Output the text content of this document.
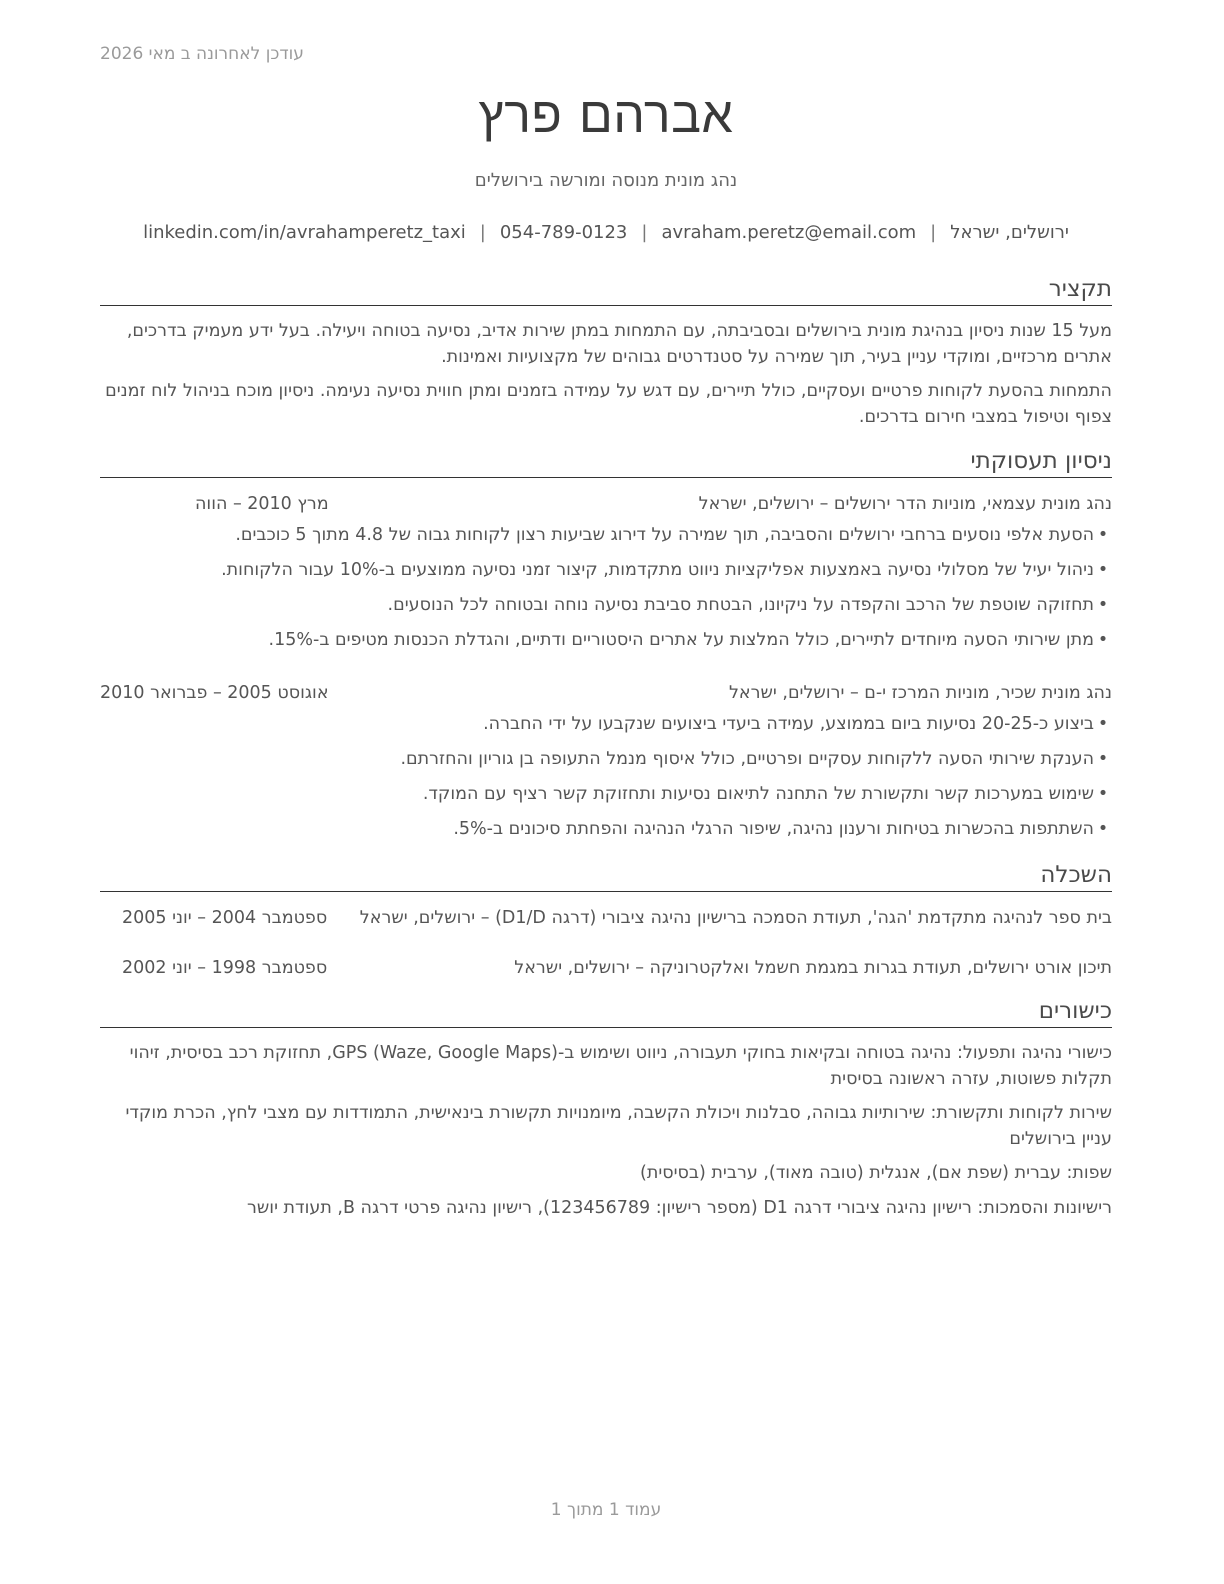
עודכן לאחרונה ב מאי 2026
אברהם פרץ
נהג מונית מנוסה ומורשה בירושלים
ירושלים, ישראל|avraham.peretz@email.com|054-789-0123|linkedin.com/in/avrahamperetz_taxi
תקציר
מעל 15 שנות ניסיון בנהיגת מונית בירושלים ובסביבתה, עם התמחות במתן שירות אדיב, נסיעה בטוחה ויעילה. בעל ידע מעמיק בדרכים, אתרים מרכזיים, ומוקדי עניין בעיר, תוך שמירה על סטנדרטים גבוהים של מקצועיות ואמינות.
התמחות בהסעת לקוחות פרטיים ועסקיים, כולל תיירים, עם דגש על עמידה בזמנים ומתן חווית נסיעה נעימה. ניסיון מוכח בניהול לוח זמנים צפוף וטיפול במצבי חירום בדרכים.
ניסיון תעסוקתי
נהג מונית עצמאי, מוניות הדר ירושלים – ירושלים, ישראל
מרץ 2010 – הווה
•הסעת אלפי נוסעים ברחבי ירושלים והסביבה, תוך שמירה על דירוג שביעות רצון לקוחות גבוה של 4.8 מתוך 5 כוכבים.
•ניהול יעיל של מסלולי נסיעה באמצעות אפליקציות ניווט מתקדמות, קיצור זמני נסיעה ממוצעים ב-10% עבור הלקוחות.
•תחזוקה שוטפת של הרכב והקפדה על ניקיונו, הבטחת סביבת נסיעה נוחה ובטוחה לכל הנוסעים.
•מתן שירותי הסעה מיוחדים לתיירים, כולל המלצות על אתרים היסטוריים ודתיים, והגדלת הכנסות מטיפים ב-15%.
נהג מונית שכיר, מוניות המרכז י-ם – ירושלים, ישראל
אוגוסט 2005 – פברואר 2010
•ביצוע כ-20-25 נסיעות ביום בממוצע, עמידה ביעדי ביצועים שנקבעו על ידי החברה.
•הענקת שירותי הסעה ללקוחות עסקיים ופרטיים, כולל איסוף מנמל התעופה בן גוריון והחזרתם.
•שימוש במערכות קשר ותקשורת של התחנה לתיאום נסיעות ותחזוקת קשר רציף עם המוקד.
•השתתפות בהכשרות בטיחות ורענון נהיגה, שיפור הרגלי הנהיגה והפחתת סיכונים ב-5%.
השכלה
בית ספר לנהיגה מתקדמת 'הגה', תעודת הסמכה ברישיון נהיגה ציבורי (דרגה D1/D) – ירושלים, ישראל
ספטמבר 2004 – יוני 2005
תיכון אורט ירושלים, תעודת בגרות במגמת חשמל ואלקטרוניקה – ירושלים, ישראל
ספטמבר 1998 – יוני 2002
כישורים
כישורי נהיגה ותפעול: נהיגה בטוחה ובקיאות בחוקי תעבורה, ניווט ושימוש ב-GPS (Waze, Google Maps), תחזוקת רכב בסיסית, זיהוי תקלות פשוטות, עזרה ראשונה בסיסית
שירות לקוחות ותקשורת: שירותיות גבוהה, סבלנות ויכולת הקשבה, מיומנויות תקשורת בינאישית, התמודדות עם מצבי לחץ, הכרת מוקדי עניין בירושלים
שפות: עברית (שפת אם), אנגלית (טובה מאוד), ערבית (בסיסית)
רישיונות והסמכות: רישיון נהיגה ציבורי דרגה D1 (מספר רישיון: 123456789), רישיון נהיגה פרטי דרגה B, תעודת יושר
עמוד 1 מתוך 1
